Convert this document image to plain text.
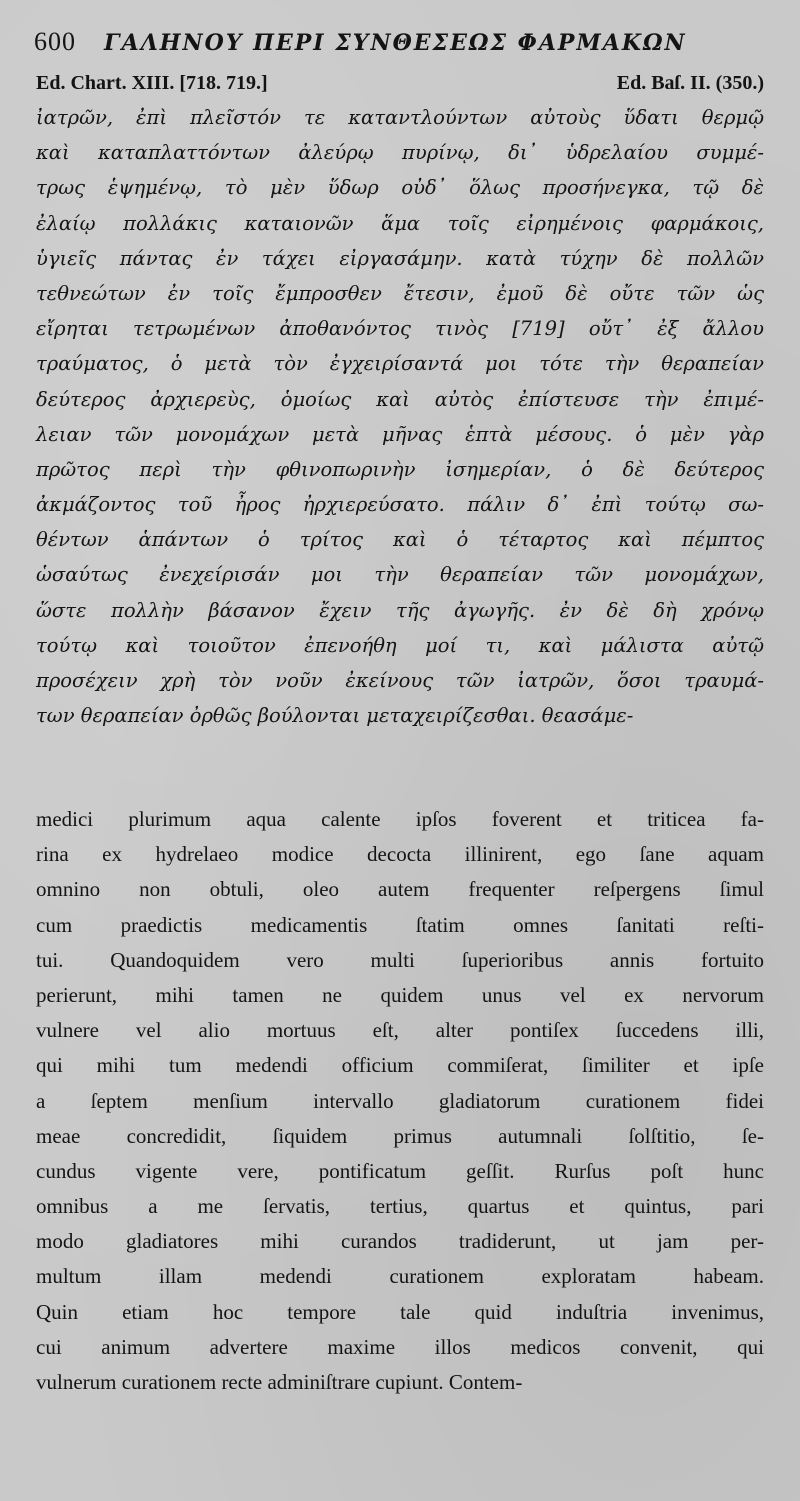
600 ΓΑΛΗΝΟΥ ΠΕΡΙ ΣΥΝΘΕΣΕΩΣ ΦΑΡΜΑΚΩΝ
Ed. Chart. XIII. [718. 719.]	Ed. Baſ. II. (350.)
ἰατρῶν, ἐπὶ πλεῖστόν τε καταντλούντων αὐτοὺς ὕδατι θερμῷ
καὶ καταπλαττόντων ἀλεύρῳ πυρίνῳ, δι᾽ ὑδρελαίου συμμέ-
τρως ἑψημένῳ, τὸ μὲν ὕδωρ οὐδ᾽ ὅλως προσήνεγκα, τῷ δὲ
ἐλαίῳ πολλάκις καταιονῶν ἅμα τοῖς εἰρημένοις φαρμάκοις,
ὑγιεῖς πάντας ἐν τάχει εἰργασάμην. κατὰ τύχην δὲ πολλῶν
τεθνεώτων ἐν τοῖς ἔμπροσθεν ἔτεσιν, ἐμοῦ δὲ οὔτε τῶν ὡς
εἴρηται τετρωμένων ἀποθανόντος τινὸς [719] οὔτ᾽ ἐξ ἄλλου
τραύματος, ὁ μετὰ τὸν ἐγχειρίσαντά μοι τότε τὴν θεραπείαν
δεύτερος ἀρχιερεὺς, ὁμοίως καὶ αὐτὸς ἐπίστευσε τὴν ἐπιμέ-
λειαν τῶν μονομάχων μετὰ μῆνας ἑπτὰ μέσους. ὁ μὲν γὰρ
πρῶτος περὶ τὴν φθινοπωρινὴν ἰσημερίαν, ὁ δὲ δεύτερος
ἀκμάζοντος τοῦ ἦρος ἠρχιερεύσατο. πάλιν δ᾽ ἐπὶ τούτῳ σω-
θέντων ἁπάντων ὁ τρίτος καὶ ὁ τέταρτος καὶ πέμπτος
ὡσαύτως ἐνεχείρισάν μοι τὴν θεραπείαν τῶν μονομάχων,
ὥστε πολλὴν βάσανον ἔχειν τῆς ἀγωγῆς. ἐν δὲ δὴ χρόνῳ
τούτῳ καὶ τοιοῦτον ἐπενοήθη μοί τι, καὶ μάλιστα αὐτῷ
προσέχειν χρὴ τὸν νοῦν ἐκείνους τῶν ἰατρῶν, ὅσοι τραυμά-
των θεραπείαν ὀρθῶς βούλονται μεταχειρίζεσθαι. θεασάμε-
medici plurimum aqua calente ipſos foverent et triticea fa-
rina ex hydrelaeo modice decocta illinirent, ego ſane aquam
omnino non obtuli, oleo autem frequenter reſpergens ſimul
cum praedictis medicamentis ſtatim omnes ſanitati reſti-
tui. Quandoquidem vero multi ſuperioribus annis fortuito
perierunt, mihi tamen ne quidem unus vel ex nervorum
vulnere vel alio mortuus eſt, alter pontiſex ſuccedens illi,
qui mihi tum medendi officium commiſerat, ſimiliter et ipſe
a ſeptem menſium intervallo gladiatorum curationem fidei
meae concredidit, ſiquidem primus autumnali ſolſtitio, ſe-
cundus vigente vere, pontificatum geſſit. Rurſus poſt hunc
omnibus a me ſervatis, tertius, quartus et quintus, pari
modo gladiatores mihi curandos tradiderunt, ut jam per-
multum illam medendi curationem exploratam habeam.
Quin etiam hoc tempore tale quid induſtria invenimus,
cui animum advertere maxime illos medicos convenit, qui
vulnerum curationem recte adminiſtrare cupiunt. Contem-
